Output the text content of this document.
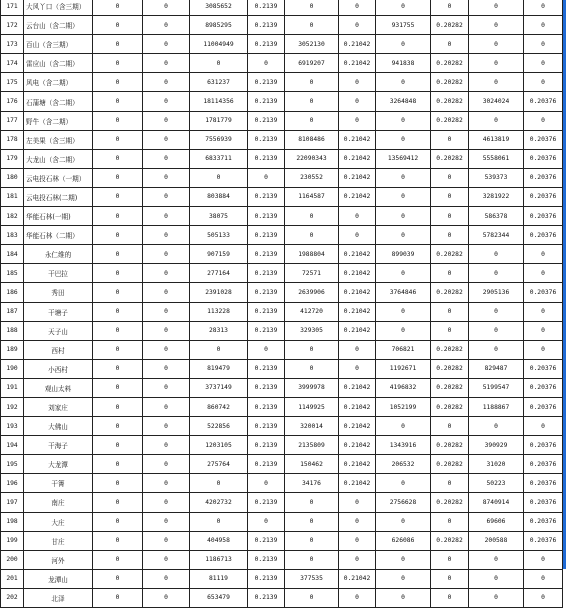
171	大风丫口（含三期）	0	0	3085652	0.2139	0	0	0	0	0	0
172	云台山（含二期）	0	0	8985295	0.2139	0	0	931755	0.20282	0	0
173	百山（含三期）	0	0	11004949	0.2139	3052130	0.21042	0	0	0	0
174	雷应山（含二期）	0	0	0	0	6919207	0.21042	941838	0.20282	0	0
175	风电（含二期）	0	0	631237	0.2139	0	0	0	0.20282	0	0
176	石蒲塘（含二期）	0	0	18114356	0.2139	0	0	3264848	0.20282	3024024	0.20376
177	野牛（含二期）	0	0	1781779	0.2139	0	0	0	0.20282	0	0
178	左美果（含三期）	0	0	7556939	0.2139	8108486	0.21042	0	0	4613819	0.20376
179	大龙山（含二期）	0	0	6833711	0.2139	22090343	0.21042	13569412	0.20282	5558061	0.20376
180	云电投石林（一期）	0	0	0	0	230552	0.21042	0	0	539373	0.20376
181	云电投石林(二期)	0	0	803884	0.2139	1164587	0.21042	0	0	3281922	0.20376
182	华能石林(一期)	0	0	38075	0.2139	0	0	0	0	586378	0.20376
183	华能石林（二期）	0	0	505133	0.2139	0	0	0	0	5782344	0.20376
184	永仁维的	0	0	907159	0.2139	1988804	0.21042	899039	0.20282	0	0
185	干巴拉	0	0	277164	0.2139	72571	0.21042	0	0	0	0
186	秀田	0	0	2391028	0.2139	2639906	0.21042	3764846	0.20282	2905136	0.20376
187	干塘子	0	0	113228	0.2139	412720	0.21042	0	0	0	0
188	天子山	0	0	28313	0.2139	329305	0.21042	0	0	0	0
189	西村	0	0	0	0	0	0	706821	0.20282	0	0
190	小西村	0	0	819479	0.2139	0	0	1192671	0.20282	829487	0.20376
191	观山太料	0	0	3737149	0.2139	3999978	0.21042	4196832	0.20282	5199547	0.20376
192	刘家庄	0	0	860742	0.2139	1149925	0.21042	1052199	0.20282	1188867	0.20376
193	大佛山	0	0	522856	0.2139	320014	0.21042	0	0	0	0
194	干海子	0	0	1203105	0.2139	2135809	0.21042	1343916	0.20282	390929	0.20376
195	大龙潭	0	0	275764	0.2139	150462	0.21042	206532	0.20282	31020	0.20376
196	干箐	0	0	0	0	34176	0.21042	0	0	50223	0.20376
197	南庄	0	0	4202732	0.2139	0	0	2756628	0.20282	8740914	0.20376
198	大庄	0	0	0	0	0	0	0	0	69606	0.20376
199	甘庄	0	0	404958	0.2139	0	0	626086	0.20282	200588	0.20376
200	河外	0	0	1186713	0.2139	0	0	0	0	0	0
201	龙潭山	0	0	81119	0.2139	377535	0.21042	0	0	0	0
202	北泽	0	0	653479	0.2139	0	0	0	0	0	0
